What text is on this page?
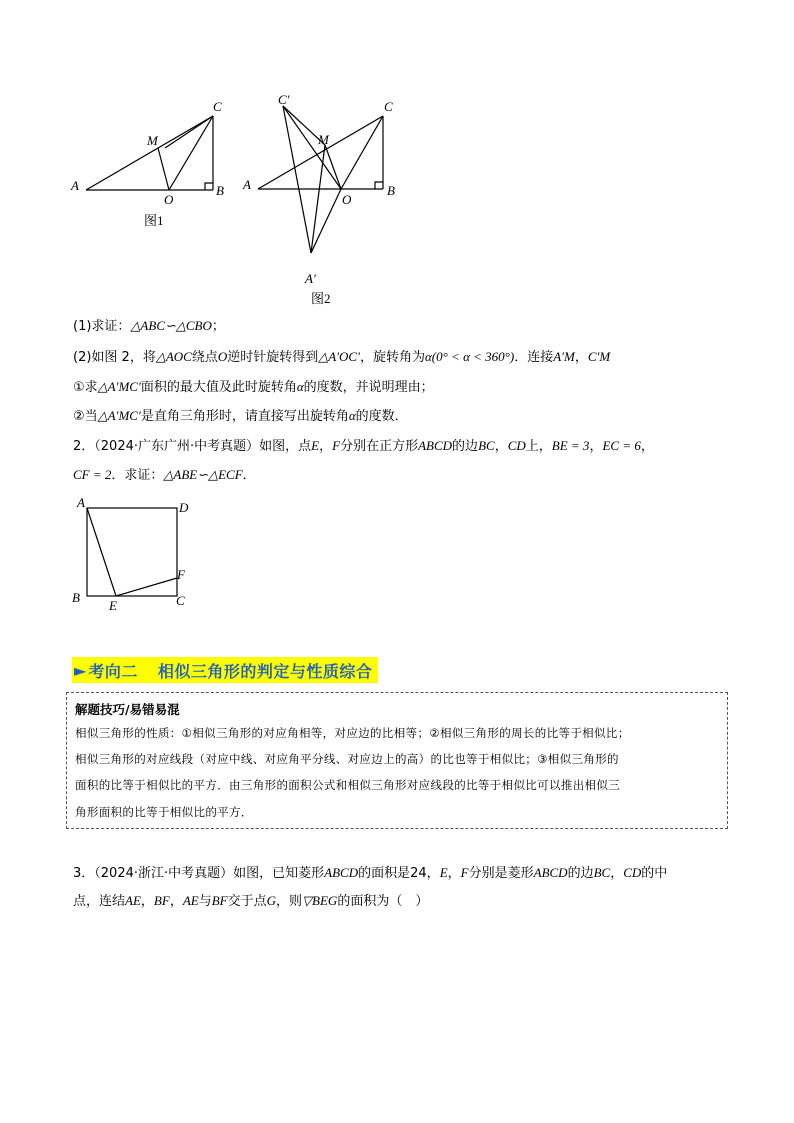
A	B
C
M
O
图1
A	B
C
M
O
C′
A′
图2
(1)求证：△ABC∽△CBO；
(2)如图 2，将△AOC绕点O逆时针旋转得到△A′OC′，旋转角为α(0° < α < 360°)．连接A′M，C′M
①求△A′MC′面积的最大值及此时旋转角α的度数，并说明理由；
②当△A′MC′是直角三角形时，请直接写出旋转角α的度数．
2．（2024·广东广州·中考真题）如图，点E，F分别在正方形ABCD的边BC，CD上，BE = 3，EC = 6，
CF = 2．求证：△ABE∽△ECF．
A	D
B
E	C
F
► 考向二 相似三角形的判定与性质综合
解题技巧/易错易混
相似三角形的性质：①相似三角形的对应角相等，对应边的比相等；②相似三角形的周长的比等于相似比；
相似三角形的对应线段（对应中线、对应角平分线、对应边上的高）的比也等于相似比；③相似三角形的
面积的比等于相似比的平方．由三角形的面积公式和相似三角形对应线段的比等于相似比可以推出相似三
角形面积的比等于相似比的平方．
3．（2024·浙江·中考真题）如图，已知菱形ABCD的面积是24，E，F分别是菱形ABCD的边BC，CD的中
点，连结AE，BF，AE与BF交于点G，则▽BEG的面积为（　）
